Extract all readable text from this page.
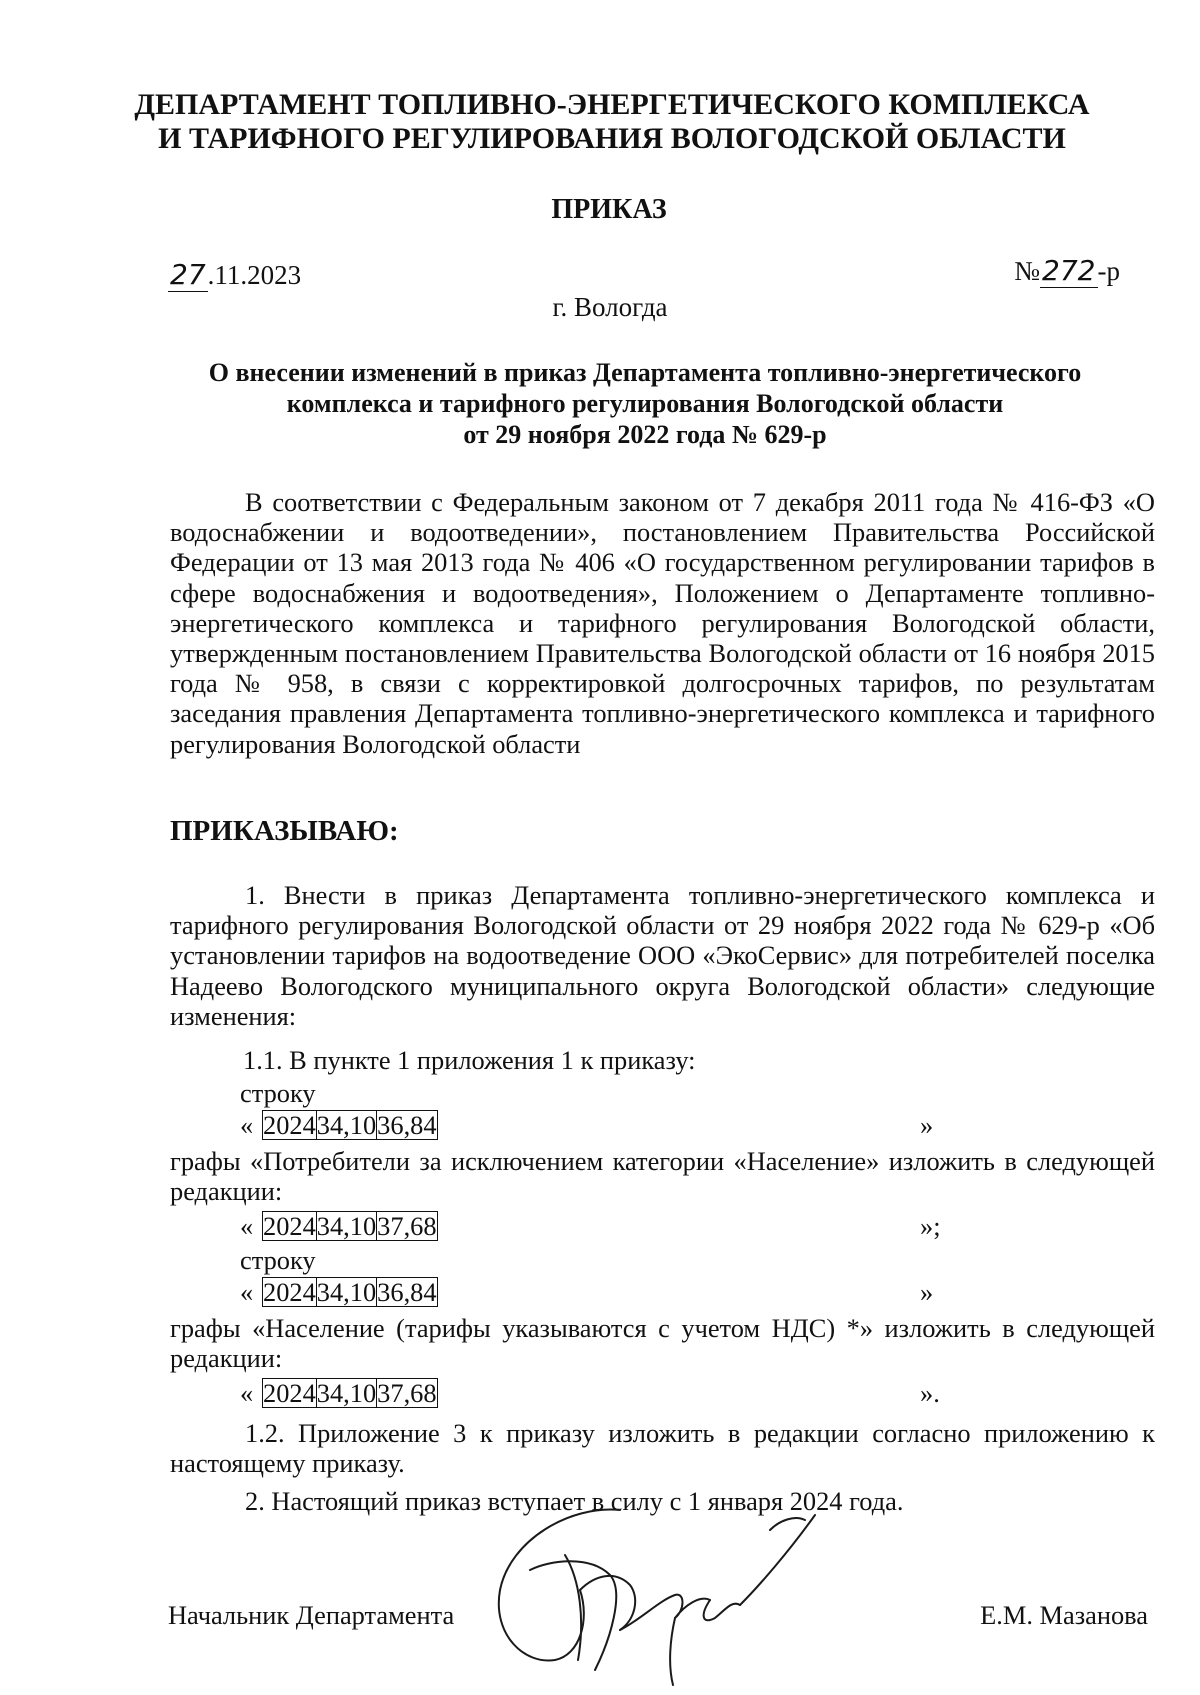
ДЕПАРТАМЕНТ ТОПЛИВНО-ЭНЕРГЕТИЧЕСКОГО КОМПЛЕКСА
И ТАРИФНОГО РЕГУЛИРОВАНИЯ ВОЛОГОДСКОЙ ОБЛАСТИ
ПРИКАЗ
27.11.2023	№272-р
г. Вологда
О внесении изменений в приказ Департамента топливно-энергетического
комплекса и тарифного регулирования Вологодской области
от 29 ноября 2022 года № 629-р
В соответствии с Федеральным законом от 7 декабря 2011 года № 416-ФЗ «О водоснабжении и водоотведении», постановлением Правительства Российской Федерации от 13 мая 2013 года № 406 «О государственном регулировании тарифов в сфере водоснабжения и водоотведения», Положением о Департаменте топливно-энергетического комплекса и тарифного регулирования Вологодской области, утвержденным постановлением Правительства Вологодской области от 16 ноября 2015 года № 958, в связи с корректировкой долгосрочных тарифов, по результатам заседания правления Департамента топливно-энергетического комплекса и тарифного регулирования Вологодской области
ПРИКАЗЫВАЮ:
1. Внести в приказ Департамента топливно-энергетического комплекса и тарифного регулирования Вологодской области от 29 ноября 2022 года № 629-р «Об установлении тарифов на водоотведение ООО «ЭкоСервис» для потребителей поселка Надеево Вологодского муниципального округа Вологодской области» следующие изменения:
1.1. В пункте 1 приложения 1 к приказу:
строку
« 2024	34,10	36,84	»
графы «Потребители за исключением категории «Население» изложить в следующей редакции:
« 2024	34,10	37,68	»;
строку
« 2024	34,10	36,84	»
графы «Население (тарифы указываются с учетом НДС) *» изложить в следующей редакции:
« 2024	34,10	37,68	».
1.2. Приложение 3 к приказу изложить в редакции согласно приложению к настоящему приказу.
2. Настоящий приказ вступает в силу с 1 января 2024 года.
Начальник Департамента	Е.М. Мазанова
